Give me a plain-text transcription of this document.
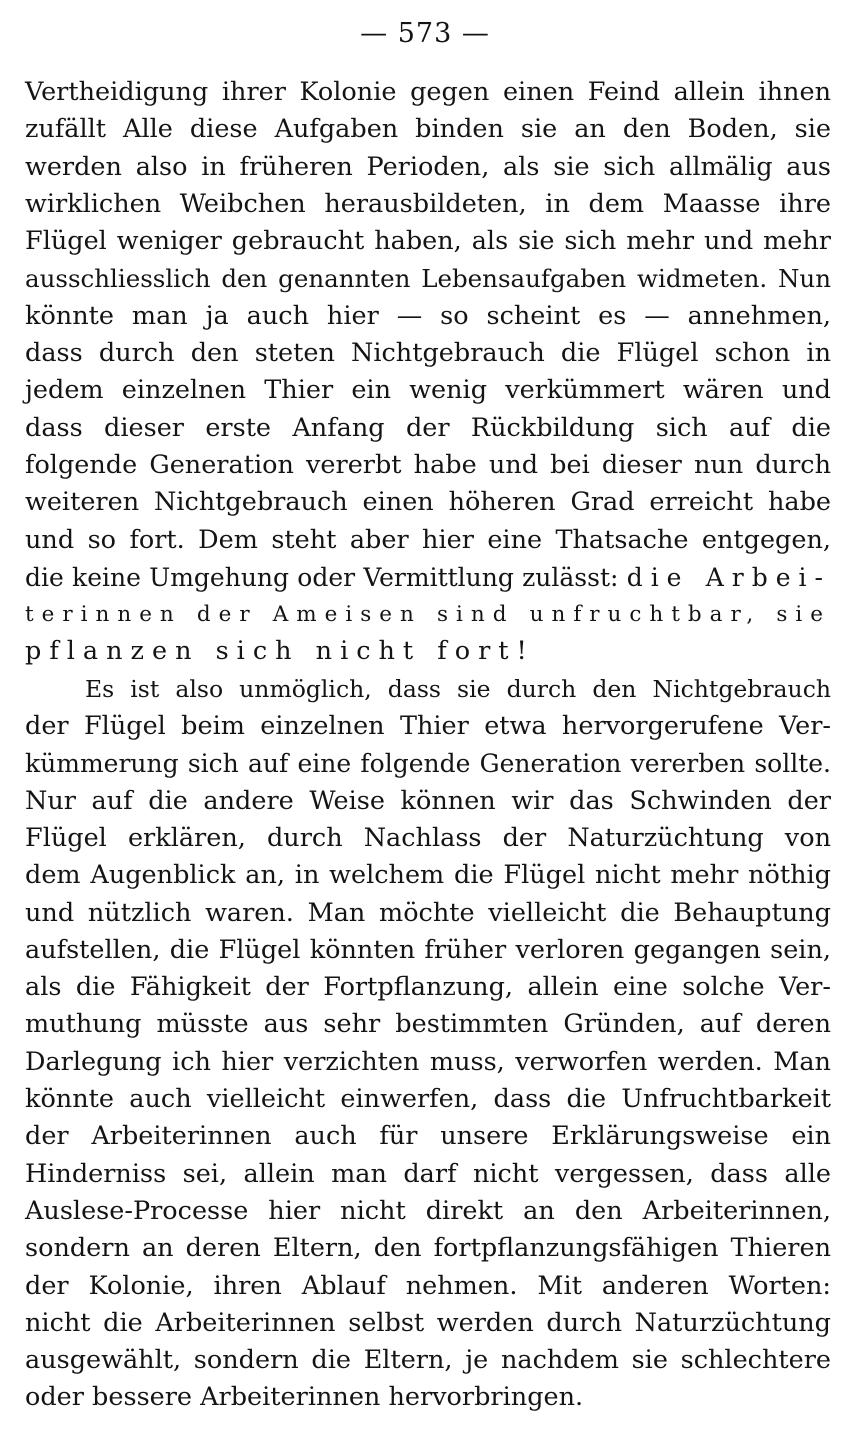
— 573 —
Vertheidigung ihrer Kolonie gegen einen Feind allein ihnen
zufällt Alle diese Aufgaben binden sie an den Boden, sie
werden also in früheren Perioden, als sie sich allmälig aus
wirklichen Weibchen herausbildeten, in dem Maasse ihre
Flügel weniger gebraucht haben, als sie sich mehr und mehr
ausschliesslich den genannten Lebensaufgaben widmeten. Nun
könnte man ja auch hier — so scheint es — annehmen,
dass durch den steten Nichtgebrauch die Flügel schon in
jedem einzelnen Thier ein wenig verkümmert wären und
dass dieser erste Anfang der Rückbildung sich auf die
folgende Generation vererbt habe und bei dieser nun durch
weiteren Nichtgebrauch einen höheren Grad erreicht habe
und so fort. Dem steht aber hier eine Thatsache entgegen,
die keine Umgehung oder Vermittlung zulässt: die Arbei-
terinnen der Ameisen sind unfruchtbar, sie
pflanzen sich nicht fort!
Es ist also unmöglich, dass sie durch den Nichtgebrauch
der Flügel beim einzelnen Thier etwa hervorgerufene Ver-
kümmerung sich auf eine folgende Generation vererben sollte.
Nur auf die andere Weise können wir das Schwinden der
Flügel erklären, durch Nachlass der Naturzüchtung von
dem Augenblick an, in welchem die Flügel nicht mehr nöthig
und nützlich waren. Man möchte vielleicht die Behauptung
aufstellen, die Flügel könnten früher verloren gegangen sein,
als die Fähigkeit der Fortpflanzung, allein eine solche Ver-
muthung müsste aus sehr bestimmten Gründen, auf deren
Darlegung ich hier verzichten muss, verworfen werden. Man
könnte auch vielleicht einwerfen, dass die Unfruchtbarkeit
der Arbeiterinnen auch für unsere Erklärungsweise ein
Hinderniss sei, allein man darf nicht vergessen, dass alle
Auslese-Processe hier nicht direkt an den Arbeiterinnen,
sondern an deren Eltern, den fortpflanzungsfähigen Thieren
der Kolonie, ihren Ablauf nehmen. Mit anderen Worten:
nicht die Arbeiterinnen selbst werden durch Naturzüchtung
ausgewählt, sondern die Eltern, je nachdem sie schlechtere
oder bessere Arbeiterinnen hervorbringen.
